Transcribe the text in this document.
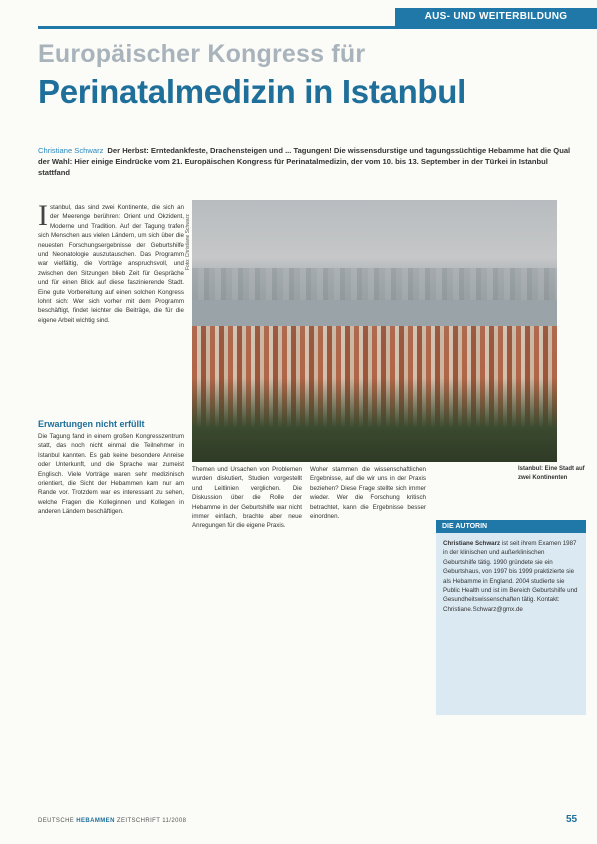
AUS- UND WEITERBILDUNG
Europäischer Kongress für
Perinatalmedizin in Istanbul
Christiane Schwarz Der Herbst: Erntedankfeste, Drachensteigen und ... Tagungen! Die wissensdurstige und tagungssüchtige Hebamme hat die Qual der Wahl: Hier einige Eindrücke vom 21. Europäischen Kongress für Perinatalmedizin, der vom 10. bis 13. September in der Türkei in Istanbul stattfand
Istanbul, das sind zwei Kontinente, die sich an der Meerenge berühren: Orient und Okzident, Moderne und Tradition. Auf der Tagung trafen sich Menschen aus vielen Ländern, um sich über die neuesten Forschungsergebnisse der Geburtshilfe und Neonatologie auszutauschen. Das Programm war vielfältig, die Vorträge anspruchsvoll, und zwischen den Sitzungen blieb Zeit für Gespräche und für einen Blick auf diese faszinierende Stadt. Eine gute Vorbereitung auf einen solchen Kongress lohnt sich: Wer sich vorher mit dem Programm beschäftigt, findet leichter die Beiträge, die für die eigene Arbeit wichtig sind.
Erwartungen nicht erfüllt
Die Tagung fand in einem großen Kongresszentrum statt, das noch nicht einmal die Teilnehmer in Istanbul kannten. Es gab keine besondere Anreise oder Unterkunft, und die Sprache war zumeist Englisch. Viele Vorträge waren sehr medizinisch orientiert, die Sicht der Hebammen kam nur am Rande vor. Trotzdem war es interessant zu sehen, welche Fragen die Kolleginnen und Kollegen in anderen Ländern beschäftigen.
Foto: Christiane Schwarz
Istanbul: Eine Stadt auf zwei Kontinenten
Themen und Ursachen von Problemen wurden diskutiert, Studien vorgestellt und Leitlinien verglichen. Die Diskussion über die Rolle der Hebamme in der Geburtshilfe war nicht immer einfach, brachte aber neue Anregungen für die eigene Praxis.
Woher stammen die wissenschaftlichen Ergebnisse, auf die wir uns in der Praxis beziehen? Diese Frage stellte sich immer wieder. Wer die Forschung kritisch betrachtet, kann die Ergebnisse besser einordnen.
DIE AUTORIN
Christiane Schwarz ist seit ihrem Examen 1987 in der klinischen und außerklinischen Geburtshilfe tätig. 1990 gründete sie ein Geburtshaus, von 1997 bis 1999 praktizierte sie als Hebamme in England. 2004 studierte sie Public Health und ist im Bereich Geburtshilfe und Gesundheitswissenschaften tätig. Kontakt:
Christiane.Schwarz@gmx.de
DEUTSCHE HEBAMMEN ZEITSCHRIFT 11/2008	55
